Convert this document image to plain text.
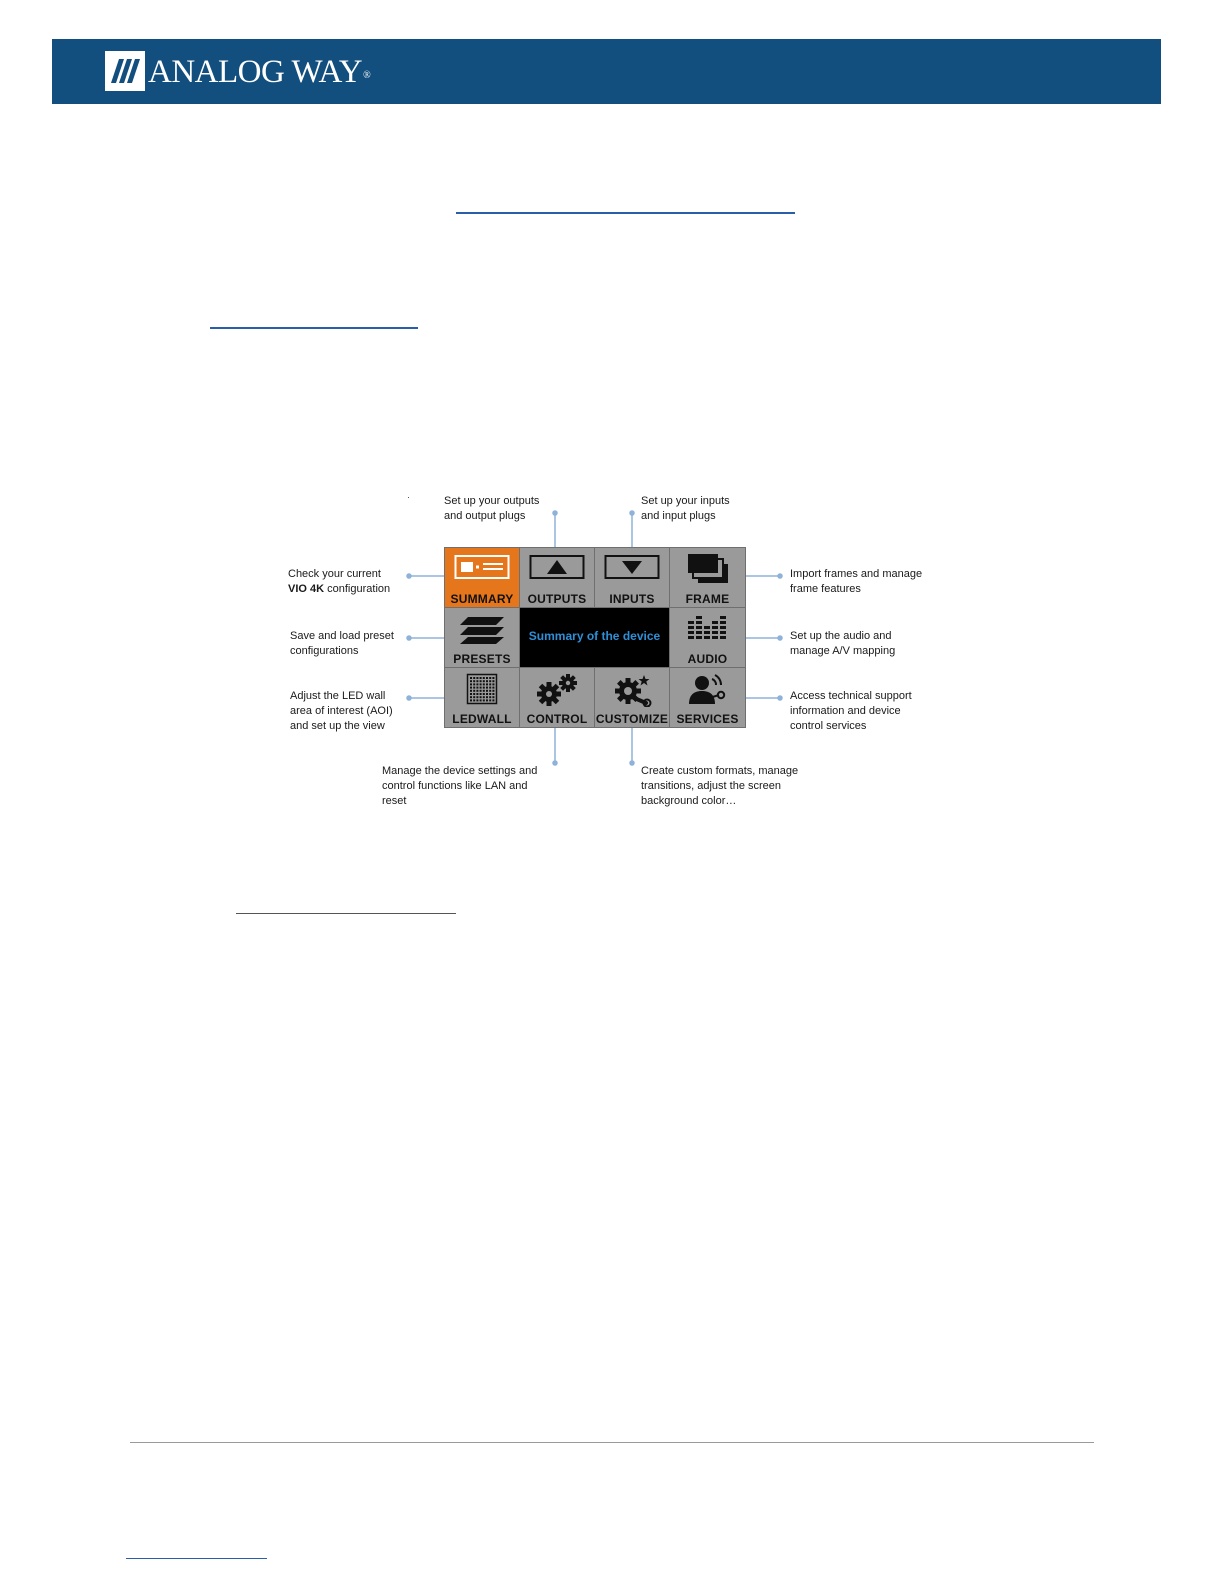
ANALOG WAY®
Set up your outputs
and output plugs
Set up your inputs
and input plugs
Check your current
VIO 4K configuration
Import frames and manage
frame features
Save and load preset
configurations
Set up the audio and
manage A/V mapping
Adjust the LED wall
area of interest (AOI)
and set up the view
Access technical support
information and device
control services
Manage the device settings and
control functions like LAN and
reset
Create custom formats, manage
transitions, adjust the screen
background color…
SUMMARY	OUTPUTS	INPUTS	FRAME
PRESETS
Summary of the device
AUDIO
LEDWALL	CONTROL CUSTOMIZE SERVICES
